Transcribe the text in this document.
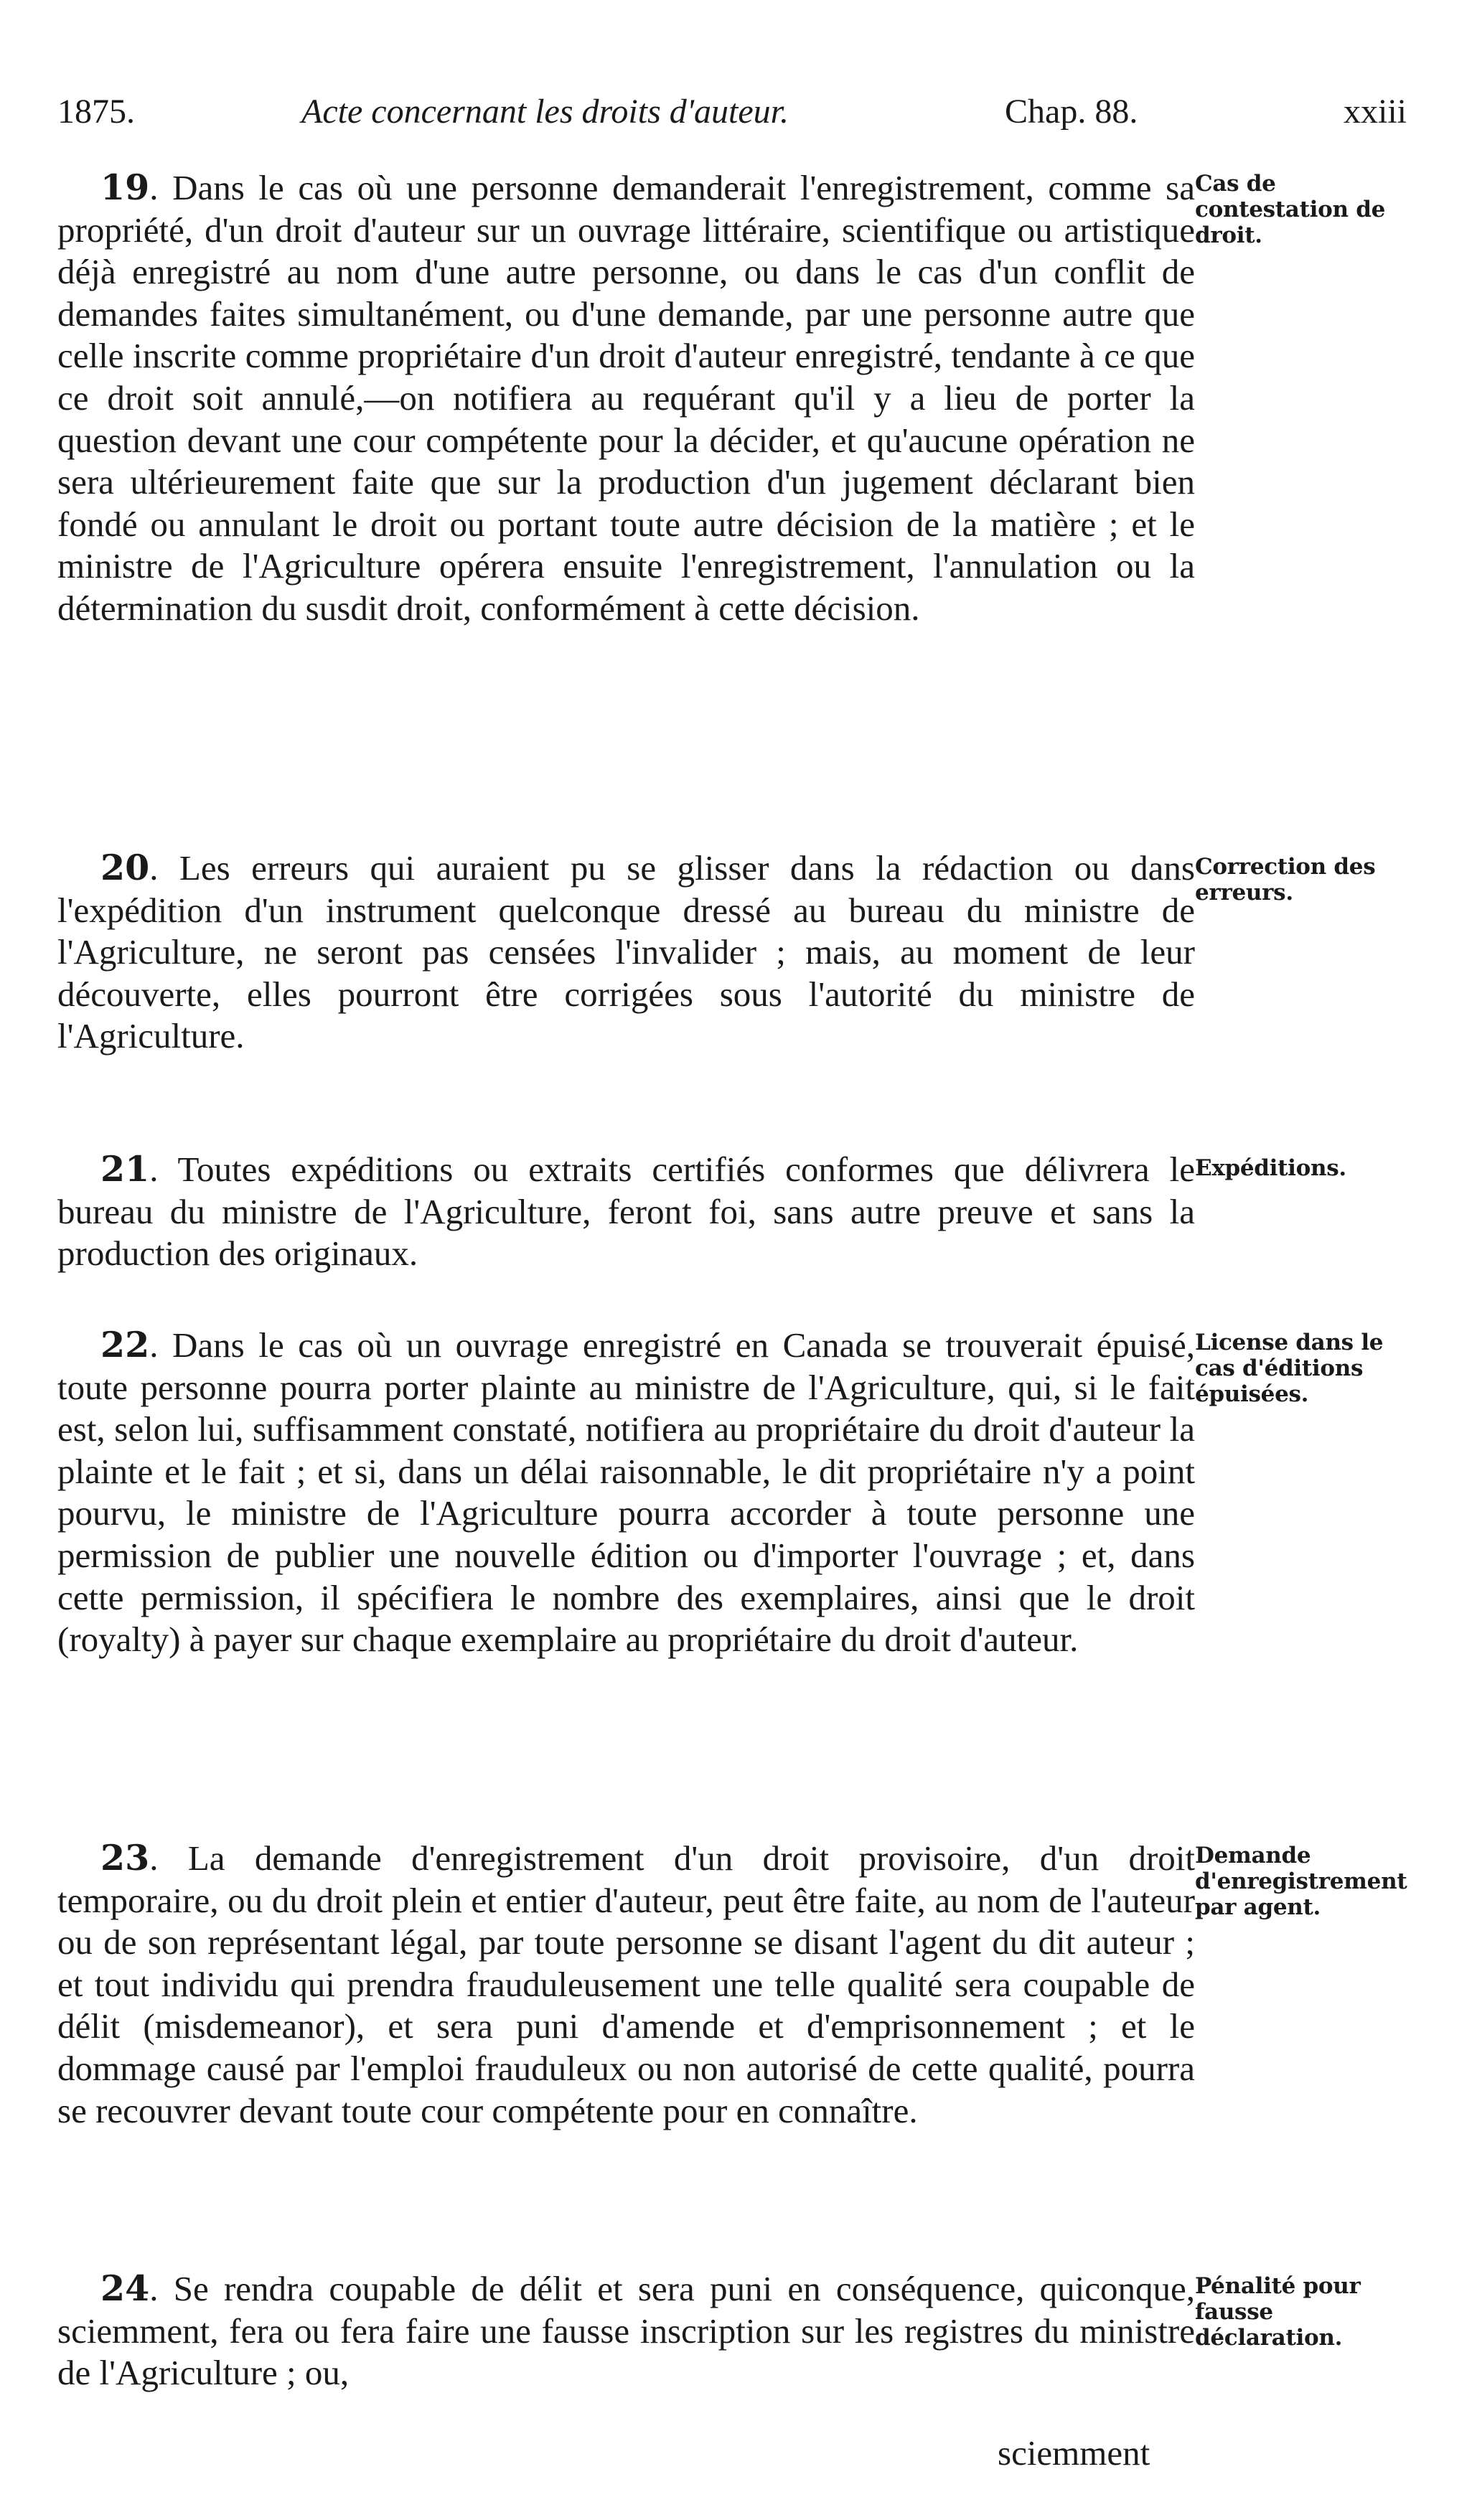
1875.	Acte concernant les droits d'auteur.	Chap. 88.	xxiii
19. Dans le cas où une personne demanderait l'enregistrement, comme sa propriété, d'un droit d'auteur sur un ouvrage littéraire, scientifique ou artistique déjà enregistré au nom d'une autre personne, ou dans le cas d'un conflit de demandes faites simultanément, ou d'une demande, par une personne autre que celle inscrite comme propriétaire d'un droit d'auteur enregistré, tendante à ce que ce droit soit annulé,—on notifiera au requérant qu'il y a lieu de porter la question devant une cour compétente pour la décider, et qu'aucune opération ne sera ultérieurement faite que sur la production d'un jugement déclarant bien fondé ou annulant le droit ou portant toute autre décision de la matière ; et le ministre de l'Agriculture opérera ensuite l'enregistrement, l'annulation ou la détermination du susdit droit, conformément à cette décision.
Cas de contestation de droit.
20. Les erreurs qui auraient pu se glisser dans la rédaction ou dans l'expédition d'un instrument quelconque dressé au bureau du ministre de l'Agriculture, ne seront pas censées l'invalider ; mais, au moment de leur découverte, elles pourront être corrigées sous l'autorité du ministre de l'Agriculture.
Correction des erreurs.
21. Toutes expéditions ou extraits certifiés conformes que délivrera le bureau du ministre de l'Agriculture, feront foi, sans autre preuve et sans la production des originaux.
Expéditions.
22. Dans le cas où un ouvrage enregistré en Canada se trouverait épuisé, toute personne pourra porter plainte au ministre de l'Agriculture, qui, si le fait est, selon lui, suffisamment constaté, notifiera au propriétaire du droit d'auteur la plainte et le fait ; et si, dans un délai raisonnable, le dit propriétaire n'y a point pourvu, le ministre de l'Agriculture pourra accorder à toute personne une permission de publier une nouvelle édition ou d'importer l'ouvrage ; et, dans cette permission, il spécifiera le nombre des exemplaires, ainsi que le droit (royalty) à payer sur chaque exemplaire au propriétaire du droit d'auteur.
License dans le cas d'éditions épuisées.
23. La demande d'enregistrement d'un droit provisoire, d'un droit temporaire, ou du droit plein et entier d'auteur, peut être faite, au nom de l'auteur ou de son représentant légal, par toute personne se disant l'agent du dit auteur ; et tout individu qui prendra frauduleusement une telle qualité sera coupable de délit (misdemeanor), et sera puni d'amende et d'emprisonnement ; et le dommage causé par l'emploi frauduleux ou non autorisé de cette qualité, pourra se recouvrer devant toute cour compétente pour en connaître.
Demande d'enregistrement par agent.
24. Se rendra coupable de délit et sera puni en conséquence, quiconque, sciemment, fera ou fera faire une fausse inscription sur les registres du ministre de l'Agriculture ; ou,
Pénalité pour fausse déclaration.
sciemment
